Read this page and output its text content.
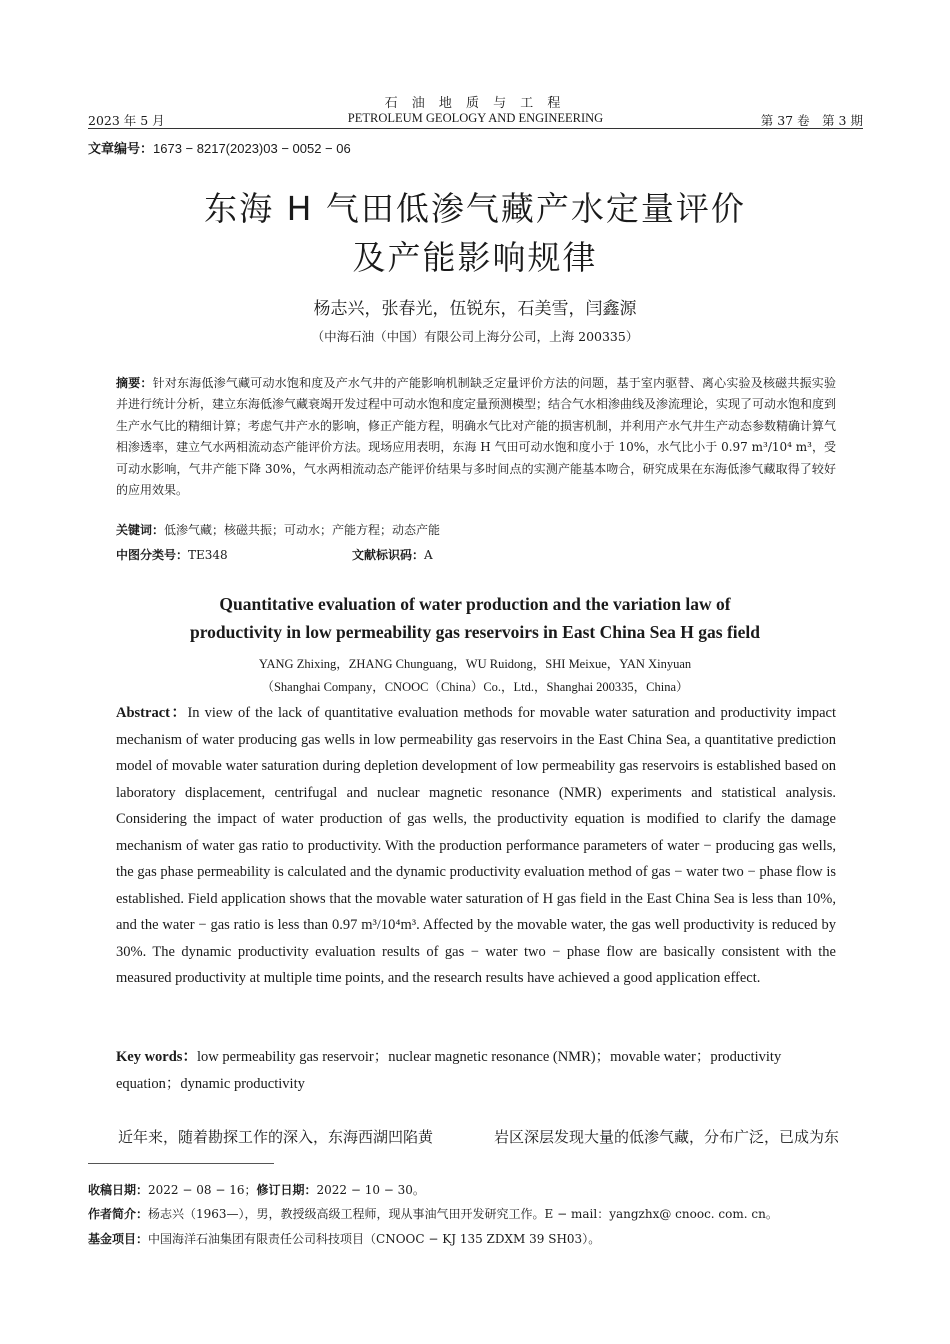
石 油 地 质 与 工 程
2023 年 5 月	PETROLEUM GEOLOGY AND ENGINEERING	第 37 卷　第 3 期
文章编号：1673 − 8217(2023)03 − 0052 − 06
东海 H 气田低渗气藏产水定量评价
及产能影响规律
杨志兴，张春光，伍锐东，石美雪，闫鑫源
（中海石油（中国）有限公司上海分公司，上海 200335）
摘要：针对东海低渗气藏可动水饱和度及产水气井的产能影响机制缺乏定量评价方法的问题，基于室内驱替、离心实验及核磁共振实验并进行统计分析，建立东海低渗气藏衰竭开发过程中可动水饱和度定量预测模型；结合气水相渗曲线及渗流理论，实现了可动水饱和度到生产水气比的精细计算；考虑气井产水的影响，修正产能方程，明确水气比对产能的损害机制，并利用产水气井生产动态参数精确计算气相渗透率，建立气水两相流动态产能评价方法。现场应用表明，东海 H 气田可动水饱和度小于 10%，水气比小于 0.97 m³/10⁴ m³，受可动水影响，气井产能下降 30%，气水两相流动态产能评价结果与多时间点的实测产能基本吻合，研究成果在东海低渗气藏取得了较好的应用效果。
关键词：低渗气藏；核磁共振；可动水；产能方程；动态产能
中图分类号：TE348	文献标识码：A
Quantitative evaluation of water production and the variation law of
productivity in low permeability gas reservoirs in East China Sea H gas field
YANG Zhixing，ZHANG Chunguang，WU Ruidong，SHI Meixue，YAN Xinyuan
（Shanghai Company，CNOOC（China）Co.，Ltd.，Shanghai 200335，China）
Abstract：In view of the lack of quantitative evaluation methods for movable water saturation and productivity impact mechanism of water producing gas wells in low permeability gas reservoirs in the East China Sea, a quantitative prediction model of movable water saturation during depletion development of low permeability gas reservoirs is established based on laboratory displacement, centrifugal and nuclear magnetic resonance (NMR) experiments and statistical analysis. Considering the impact of water production of gas wells, the productivity equation is modified to clarify the damage mechanism of water gas ratio to productivity. With the production performance parameters of water − producing gas wells, the gas phase permeability is calculated and the dynamic productivity evaluation method of gas − water two − phase flow is established. Field application shows that the movable water saturation of H gas field in the East China Sea is less than 10%, and the water − gas ratio is less than 0.97 m³/10⁴m³. Affected by the movable water, the gas well productivity is reduced by 30%. The dynamic productivity evaluation results of gas − water two − phase flow are basically consistent with the measured productivity at multiple time points, and the research results have achieved a good application effect.
Key words：low permeability gas reservoir；nuclear magnetic resonance (NMR)；movable water；productivity equation；dynamic productivity
近年来，随着勘探工作的深入，东海西湖凹陷黄	岩区深层发现大量的低渗气藏，分布广泛，已成为东
收稿日期：2022 − 08 − 16；修订日期：2022 − 10 − 30。
作者简介：杨志兴（1963—），男，教授级高级工程师，现从事油气田开发研究工作。E − mail：yangzhx@ cnooc. com. cn。
基金项目：中国海洋石油集团有限责任公司科技项目（CNOOC − KJ 135 ZDXM 39 SH03）。
